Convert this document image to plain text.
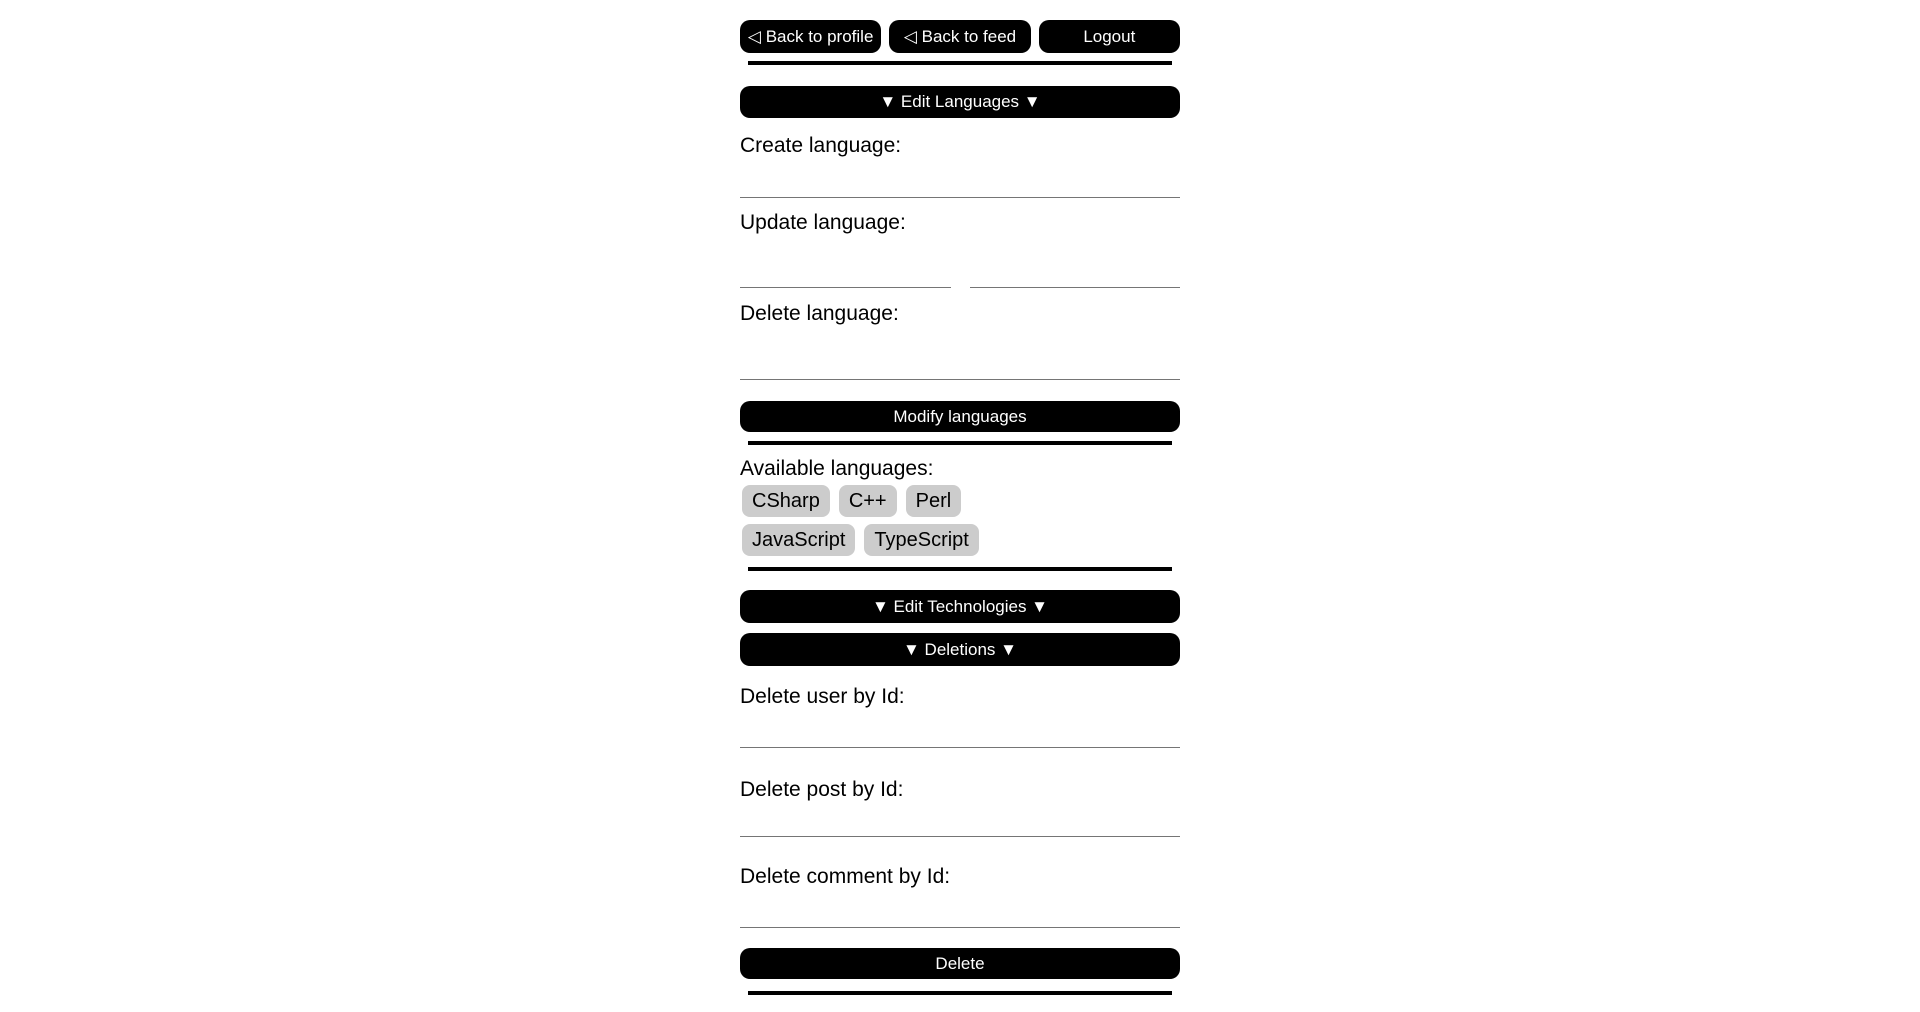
◁ Back to profile	◁ Back to feed	Logout
▼ Edit Languages ▼
Create language:
Update language:
Delete language:
Modify languages
Available languages:
CSharp	C++	Perl
JavaScript	TypeScript
▼ Edit Technologies ▼
▼ Deletions ▼
Delete user by Id:
Delete post by Id:
Delete comment by Id:
Delete
